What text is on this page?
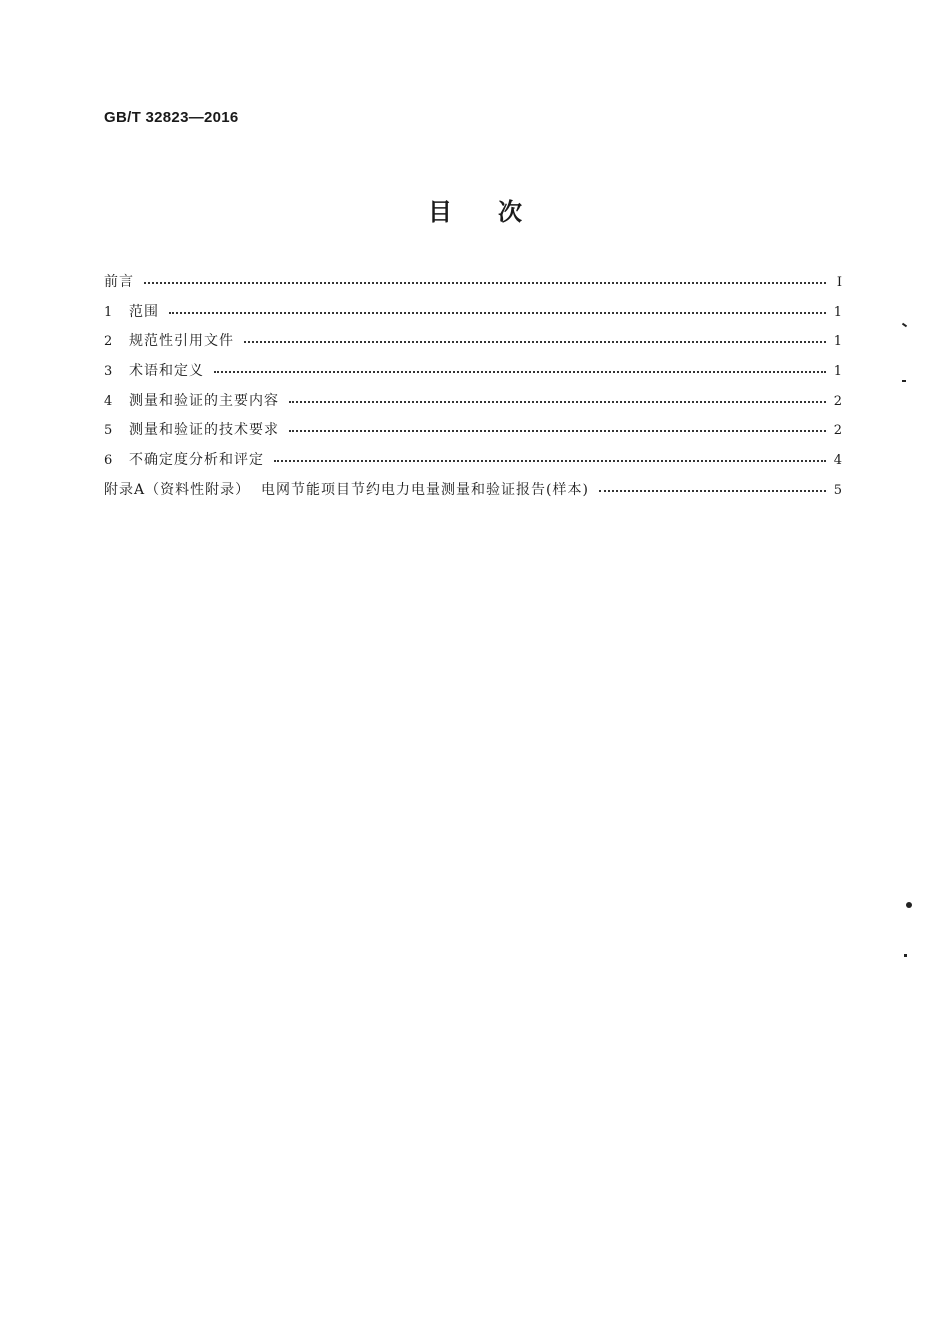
GB/T 32823—2016
目次
前言	Ⅰ
1	范围	1
2	规范性引用文件	1
3	术语和定义	1
4	测量和验证的主要内容	2
5	测量和验证的技术要求	2
6	不确定度分析和评定	4
附录A（资料性附录）  电网节能项目节约电力电量测量和验证报告(样本)	5
